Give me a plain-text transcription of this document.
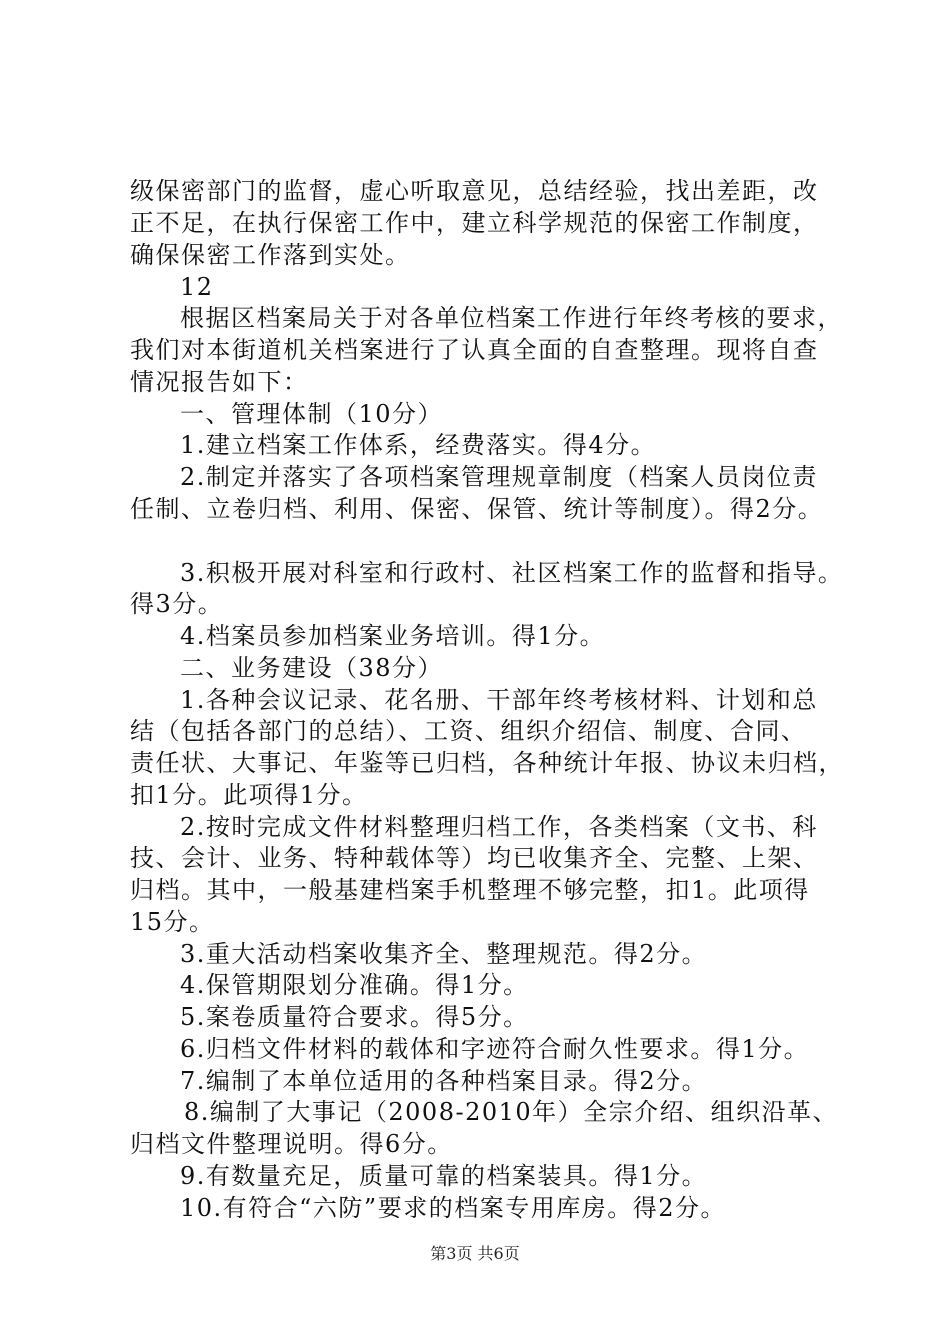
级保密部门的监督，虚心听取意见，总结经验，找出差距，改
正不足，在执行保密工作中，建立科学规范的保密工作制度，
确保保密工作落到实处。
12
根据区档案局关于对各单位档案工作进行年终考核的要求，
我们对本街道机关档案进行了认真全面的自查整理。现将自查
情况报告如下：
一、管理体制（10分）
1.建立档案工作体系，经费落实。得4分。
2.制定并落实了各项档案管理规章制度（档案人员岗位责
任制、立卷归档、利用、保密、保管、统计等制度）。得2分。
3.积极开展对科室和行政村、社区档案工作的监督和指导。
得3分。
4.档案员参加档案业务培训。得1分。
二、业务建设（38分）
1.各种会议记录、花名册、干部年终考核材料、计划和总
结（包括各部门的总结）、工资、组织介绍信、制度、合同、
责任状、大事记、年鉴等已归档，各种统计年报、协议未归档，
扣1分。此项得1分。
2.按时完成文件材料整理归档工作，各类档案（文书、科
技、会计、业务、特种载体等）均已收集齐全、完整、上架、
归档。其中，一般基建档案手机整理不够完整，扣1。此项得
15分。
3.重大活动档案收集齐全、整理规范。得2分。
4.保管期限划分准确。得1分。
5.案卷质量符合要求。得5分。
6.归档文件材料的载体和字迹符合耐久性要求。得1分。
7.编制了本单位适用的各种档案目录。得2分。
8.编制了大事记（2008-2010年）全宗介绍、组织沿革、
归档文件整理说明。得6分。
9.有数量充足，质量可靠的档案装具。得1分。
10.有符合“六防”要求的档案专用库房。得2分。
第3页 共6页
